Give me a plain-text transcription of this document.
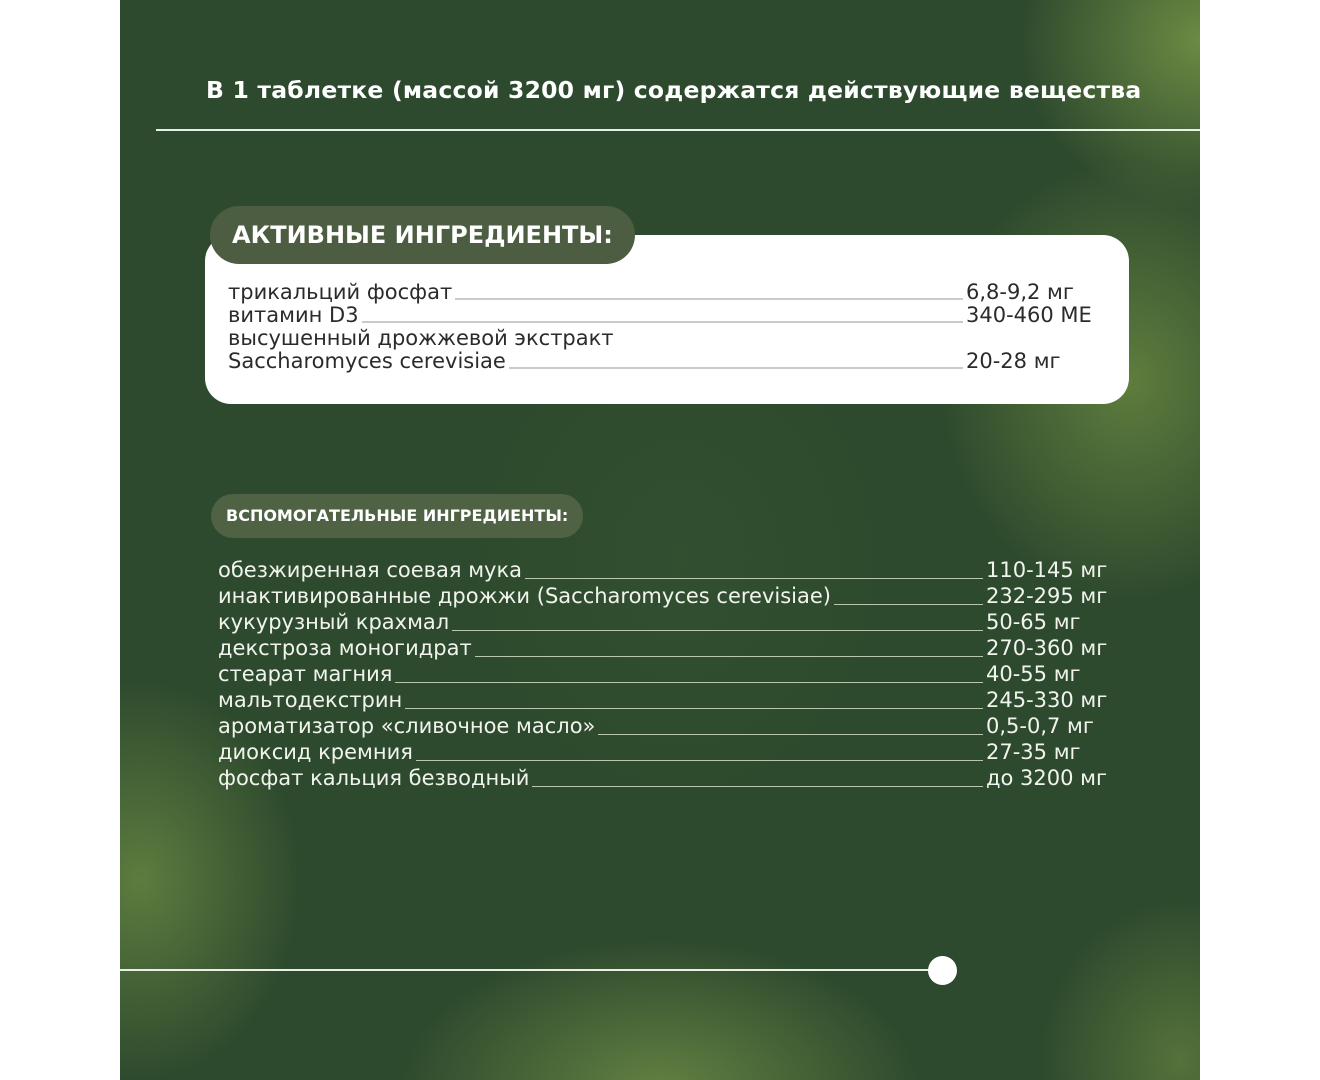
В 1 таблетке (массой 3200 мг) содержатся действующие вещества
АКТИВНЫЕ ИНГРЕДИЕНТЫ:
трикальций фосфат	6,8-9,2 мг
витамин D3	340-460 МЕ
высушенный дрожжевой экстракт
Saccharomyces cerevisiae	20-28 мг
ВСПОМОГАТЕЛЬНЫЕ ИНГРЕДИЕНТЫ:
обезжиренная соевая мука	110-145 мг
инактивированные дрожжи (Saccharomyces cerevisiae)	232-295 мг
кукурузный крахмал	50-65 мг
декстроза моногидрат	270-360 мг
стеарат магния	40-55 мг
мальтодекстрин	245-330 мг
ароматизатор «сливочное масло»	0,5-0,7 мг
диоксид кремния	27-35 мг
фосфат кальция безводный	до 3200 мг
